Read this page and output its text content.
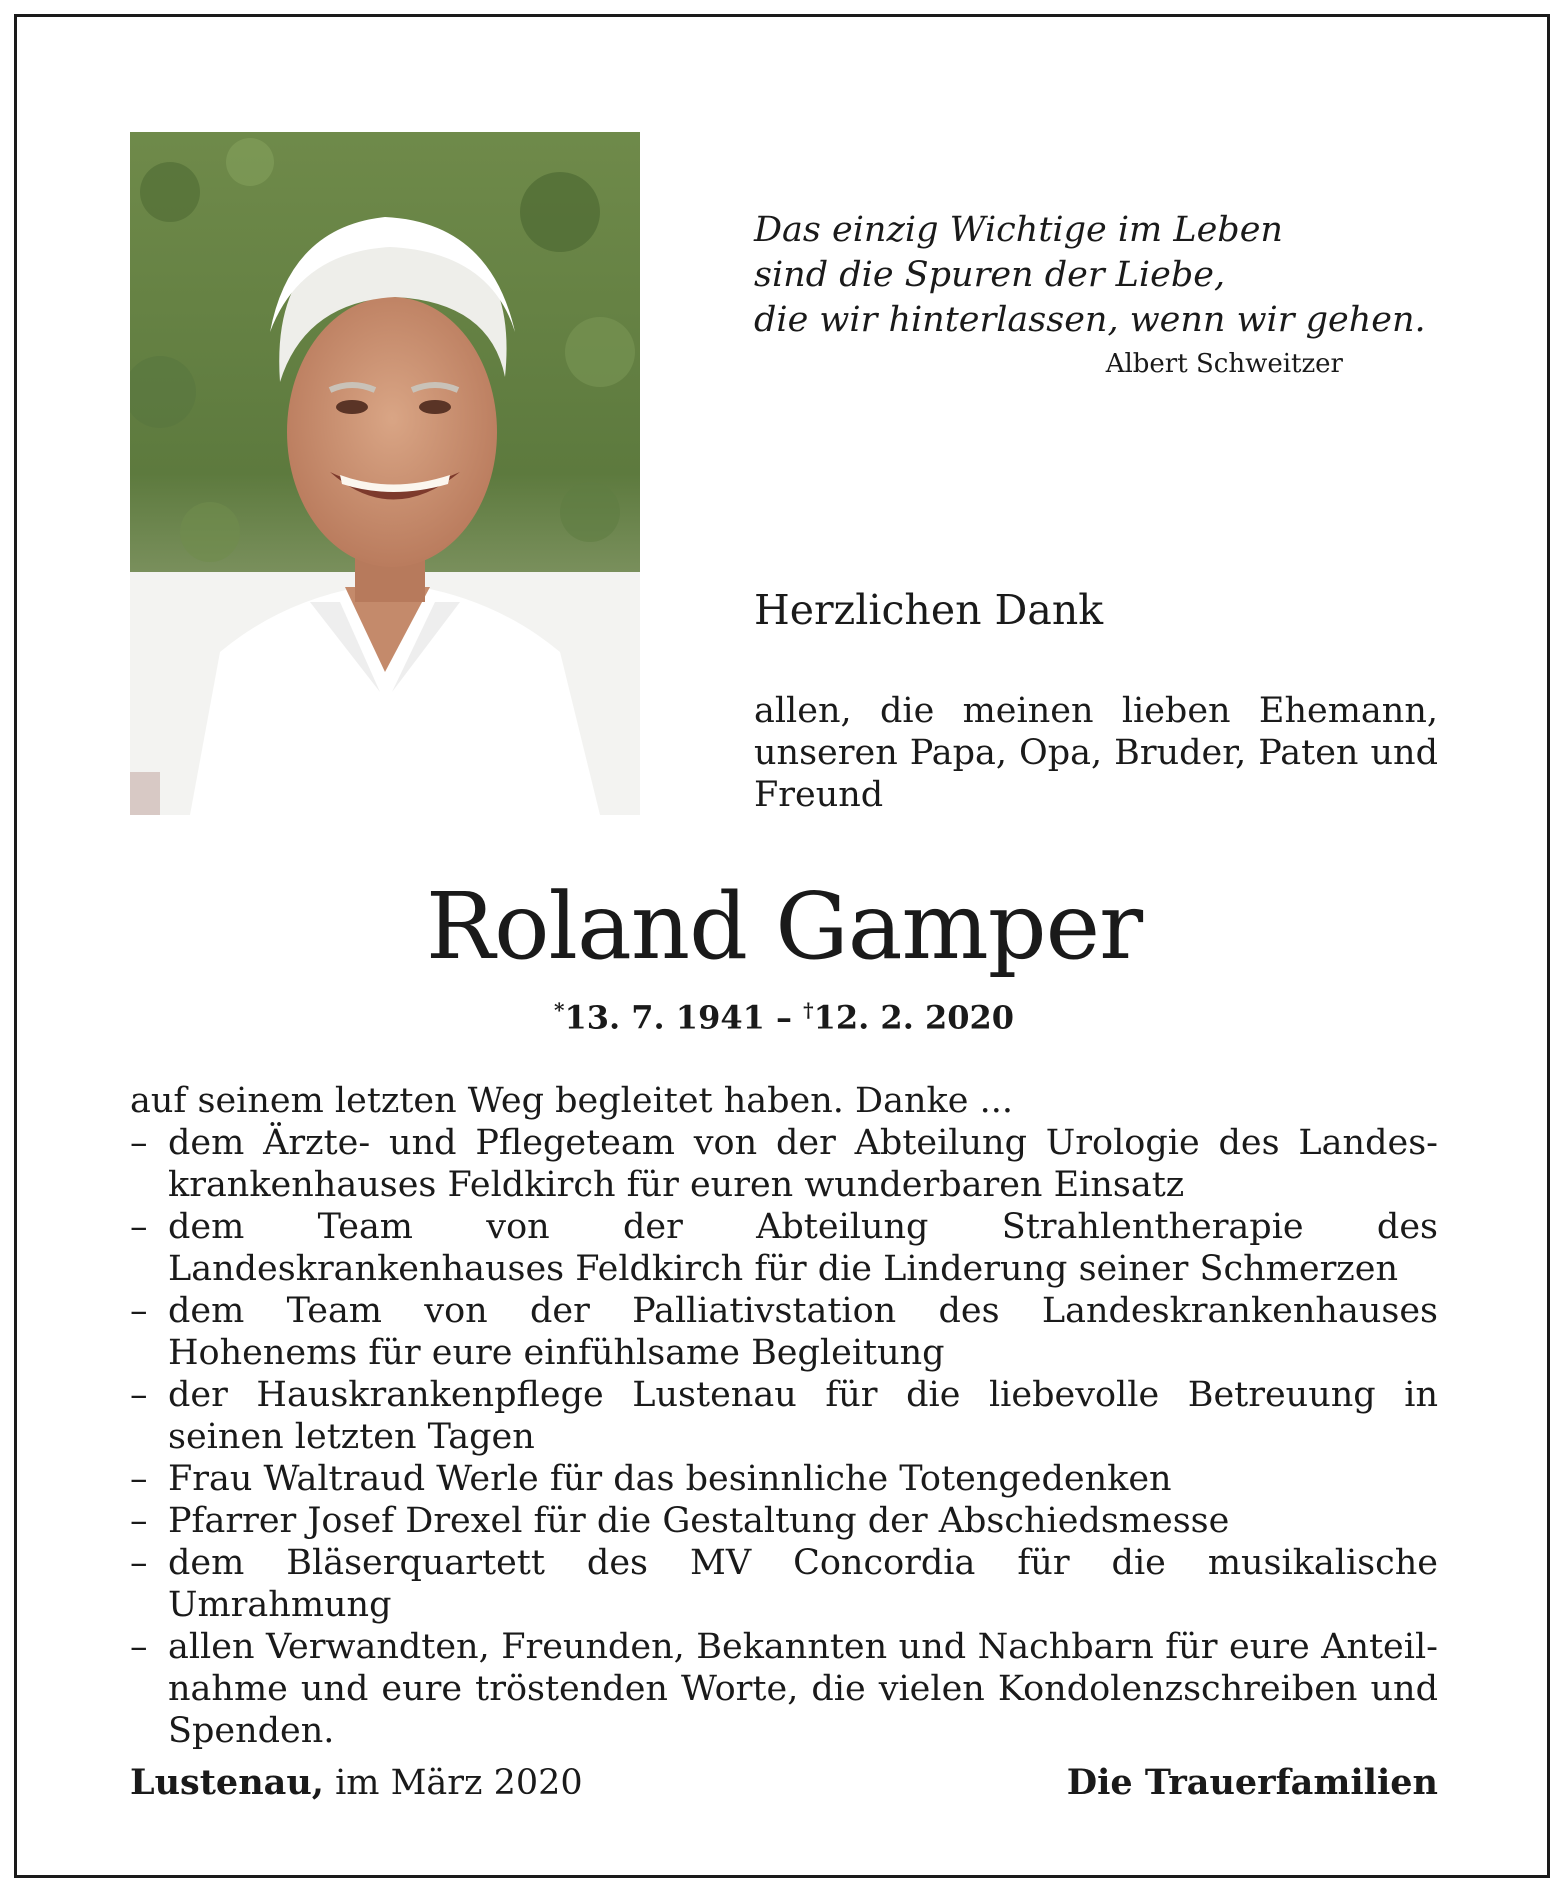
Das einzig Wichtige im Leben
sind die Spuren der Liebe,
die wir hinterlassen, wenn wir gehen.
Albert Schweitzer
Herzlichen Dank
allen, die meinen lieben Ehemann, unseren Papa, Opa, Bruder, Paten und Freund
Roland Gamper
*13. 7. 1941 – †12. 2. 2020
auf seinem letzten Weg begleitet haben. Danke ...
– dem Ärzte- und Pflegeteam von der Abteilung Urologie des Landeskrankenhauses Feldkirch für euren wunderbaren Einsatz
– dem Team von der Abteilung Strahlentherapie des Landeskrankenhauses Feldkirch für die Linderung seiner Schmerzen
– dem Team von der Palliativstation des Landeskrankenhauses Hohenems für eure einfühlsame Begleitung
– der Hauskrankenpflege Lustenau für die liebevolle Betreuung in seinen letzten Tagen
– Frau Waltraud Werle für das besinnliche Totengedenken
– Pfarrer Josef Drexel für die Gestaltung der Abschiedsmesse
– dem Bläserquartett des MV Concordia für die musikalische Umrahmung
– allen Verwandten, Freunden, Bekannten und Nachbarn für eure Anteilnahme und eure tröstenden Worte, die vielen Kondolenzschreiben und Spenden.
Lustenau, im März 2020	Die Trauerfamilien
